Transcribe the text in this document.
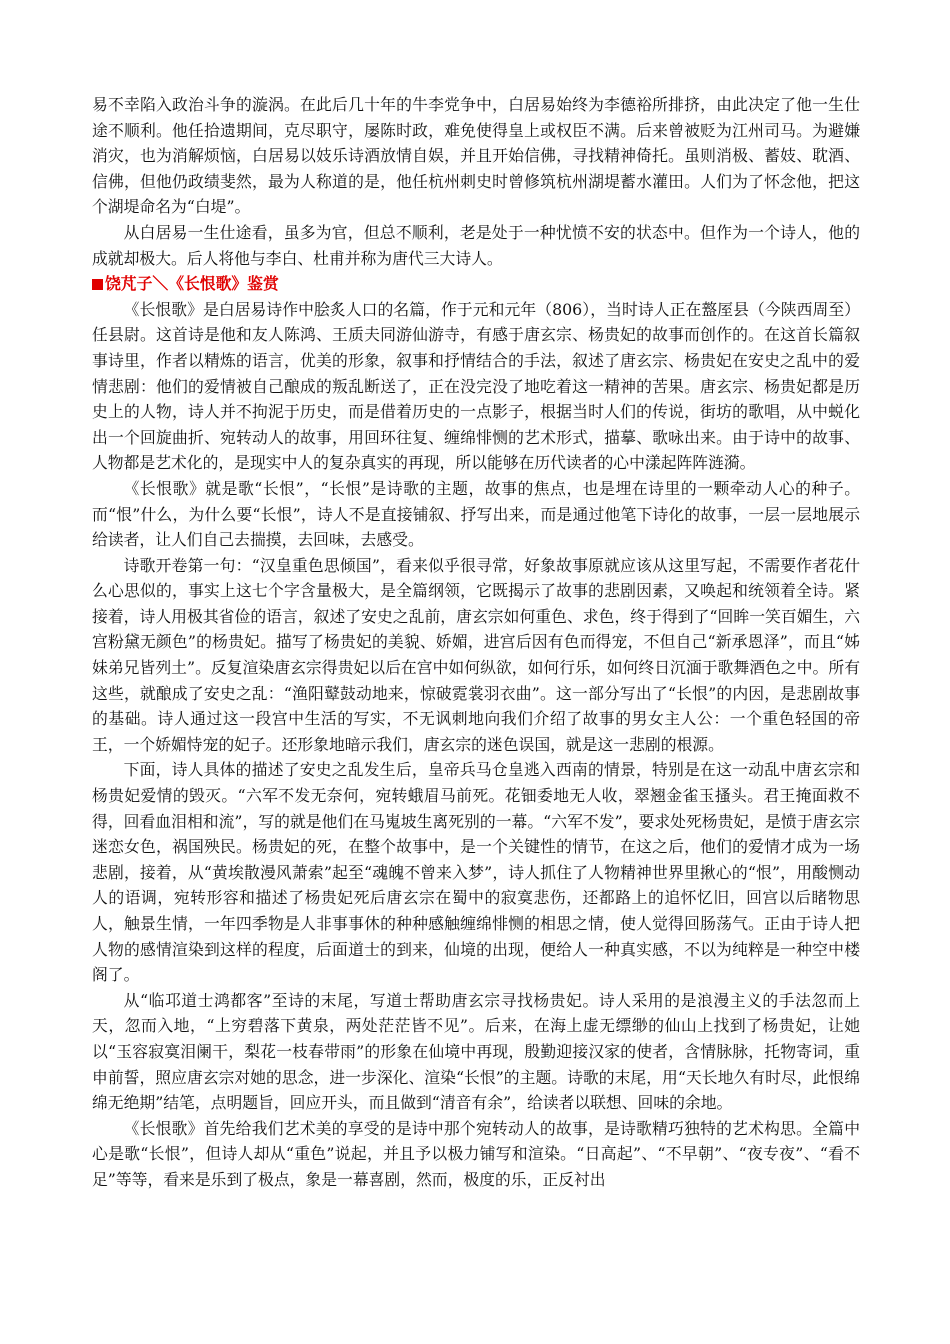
易不幸陷入政治斗争的漩涡。在此后几十年的牛李党争中，白居易始终为李德裕所排挤，由此决定了他一生仕途不顺利。他任拾遗期间，克尽职守，屡陈时政，难免使得皇上或权臣不满。后来曾被贬为江州司马。为避嫌消灾，也为消解烦恼，白居易以妓乐诗酒放情自娱，并且开始信佛，寻找精神倚托。虽则消极、蓄妓、耽酒、信佛，但他仍政绩斐然，最为人称道的是，他任杭州刺史时曾修筑杭州湖堤蓄水灌田。人们为了怀念他，把这个湖堤命名为“白堤”。

从白居易一生仕途看，虽多为官，但总不顺利，老是处于一种忧愤不安的状态中。但作为一个诗人，他的成就却极大。后人将他与李白、杜甫并称为唐代三大诗人。

饶芃子＼《长恨歌》鉴赏

《长恨歌》是白居易诗作中脍炙人口的名篇，作于元和元年（806），当时诗人正在盩厔县（今陕西周至）任县尉。这首诗是他和友人陈鸿、王质夫同游仙游寺，有感于唐玄宗、杨贵妃的故事而创作的。在这首长篇叙事诗里，作者以精炼的语言，优美的形象，叙事和抒情结合的手法，叙述了唐玄宗、杨贵妃在安史之乱中的爱情悲剧：他们的爱情被自己酿成的叛乱断送了，正在没完没了地吃着这一精神的苦果。唐玄宗、杨贵妃都是历史上的人物，诗人并不拘泥于历史，而是借着历史的一点影子，根据当时人们的传说，街坊的歌唱，从中蜕化出一个回旋曲折、宛转动人的故事，用回环往复、缠绵悱恻的艺术形式，描摹、歌咏出来。由于诗中的故事、人物都是艺术化的，是现实中人的复杂真实的再现，所以能够在历代读者的心中漾起阵阵涟漪。

《长恨歌》就是歌“长恨”，“长恨”是诗歌的主题，故事的焦点，也是埋在诗里的一颗牵动人心的种子。而“恨”什么，为什么要“长恨”，诗人不是直接铺叙、抒写出来，而是通过他笔下诗化的故事，一层一层地展示给读者，让人们自己去揣摸，去回味，去感受。

诗歌开卷第一句：“汉皇重色思倾国”，看来似乎很寻常，好象故事原就应该从这里写起，不需要作者花什么心思似的，事实上这七个字含量极大，是全篇纲领，它既揭示了故事的悲剧因素，又唤起和统领着全诗。紧接着，诗人用极其省俭的语言，叙述了安史之乱前，唐玄宗如何重色、求色，终于得到了“回眸一笑百媚生，六宫粉黛无颜色”的杨贵妃。描写了杨贵妃的美貌、娇媚，进宫后因有色而得宠，不但自己“新承恩泽”，而且“姊妹弟兄皆列土”。反复渲染唐玄宗得贵妃以后在宫中如何纵欲，如何行乐，如何终日沉湎于歌舞酒色之中。所有这些，就酿成了安史之乱：“渔阳鼙鼓动地来，惊破霓裳羽衣曲”。这一部分写出了“长恨”的内因，是悲剧故事的基础。诗人通过这一段宫中生活的写实，不无讽刺地向我们介绍了故事的男女主人公：一个重色轻国的帝王，一个娇媚恃宠的妃子。还形象地暗示我们，唐玄宗的迷色误国，就是这一悲剧的根源。

下面，诗人具体的描述了安史之乱发生后，皇帝兵马仓皇逃入西南的情景，特别是在这一动乱中唐玄宗和杨贵妃爱情的毁灭。“六军不发无奈何，宛转蛾眉马前死。花钿委地无人收，翠翘金雀玉搔头。君王掩面救不得，回看血泪相和流”，写的就是他们在马嵬坡生离死别的一幕。“六军不发”，要求处死杨贵妃，是愤于唐玄宗迷恋女色，祸国殃民。杨贵妃的死，在整个故事中，是一个关键性的情节，在这之后，他们的爱情才成为一场悲剧，接着，从“黄埃散漫风萧索”起至“魂魄不曾来入梦”，诗人抓住了人物精神世界里揪心的“恨”，用酸恻动人的语调，宛转形容和描述了杨贵妃死后唐玄宗在蜀中的寂寞悲伤，还都路上的追怀忆旧，回宫以后睹物思人，触景生情，一年四季物是人非事事休的种种感触缠绵悱恻的相思之情，使人觉得回肠荡气。正由于诗人把人物的感情渲染到这样的程度，后面道士的到来，仙境的出现，便给人一种真实感，不以为纯粹是一种空中楼阁了。

从“临邛道士鸿都客”至诗的末尾，写道士帮助唐玄宗寻找杨贵妃。诗人采用的是浪漫主义的手法忽而上天，忽而入地，“上穷碧落下黄泉，两处茫茫皆不见”。后来，在海上虚无缥缈的仙山上找到了杨贵妃，让她以“玉容寂寞泪阑干，梨花一枝春带雨”的形象在仙境中再现，殷勤迎接汉家的使者，含情脉脉，托物寄词，重申前誓，照应唐玄宗对她的思念，进一步深化、渲染“长恨”的主题。诗歌的末尾，用“天长地久有时尽，此恨绵绵无绝期”结笔，点明题旨，回应开头，而且做到“清音有余”，给读者以联想、回味的余地。

《长恨歌》首先给我们艺术美的享受的是诗中那个宛转动人的故事，是诗歌精巧独特的艺术构思。全篇中心是歌“长恨”，但诗人却从“重色”说起，并且予以极力铺写和渲染。“日高起”、“不早朝”、“夜专夜”、“看不足”等等，看来是乐到了极点，象是一幕喜剧，然而，极度的乐，正反衬出
